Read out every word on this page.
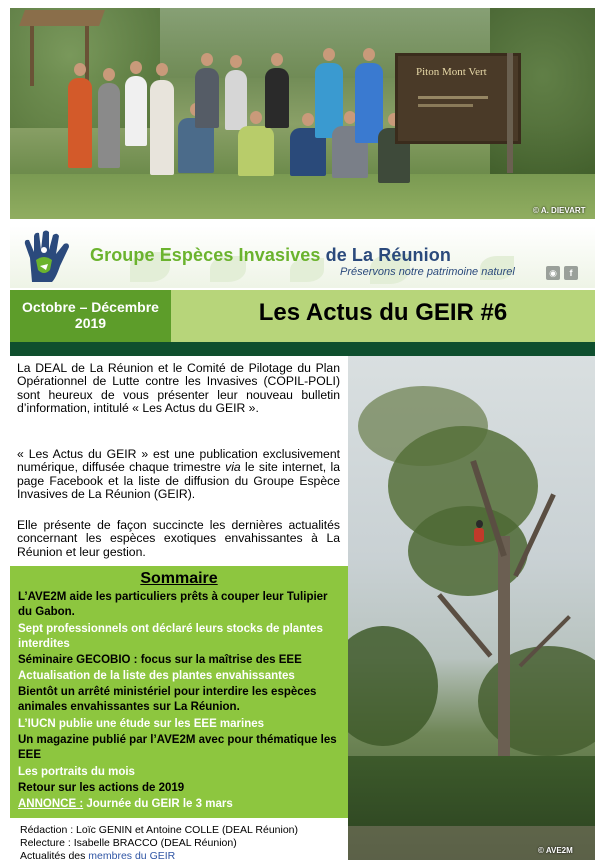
Piton Mont Vert
© A. DIEVART
Groupe Espèces Invasives de La Réunion
Préservons notre patrimoine naturel	◉	f
Octobre – Décembre
2019	Les Actus du GEIR #6
La DEAL de La Réunion et le Comité de Pilotage du Plan Opérationnel de Lutte contre les Invasives (COPIL-POLI) sont heureux de vous présenter leur nouveau bulletin d’information, intitulé « Les Actus du GEIR ».
« Les Actus du GEIR » est une publication exclusivement numérique, diffusée chaque trimestre via le site internet, la page Facebook et la liste de diffusion du Groupe Espèce Invasives de La Réunion (GEIR).
Elle présente de façon succincte les dernières actualités concernant les espèces exotiques envahissantes à La Réunion et leur gestion.
© AVE2M
Sommaire
L’AVE2M aide les particuliers prêts à couper leur Tulipier du Gabon.
Sept professionnels ont déclaré leurs stocks de plantes interdites
Séminaire GECOBIO : focus sur la maîtrise des EEE
Actualisation de la liste des plantes envahissantes
Bientôt un arrêté ministériel pour interdire les espèces animales envahissantes sur La Réunion.
L’IUCN publie une étude sur les EEE marines
Un magazine publié par l’AVE2M avec pour thématique les EEE
Les portraits du mois
Retour sur les actions de 2019
ANNONCE : Journée du GEIR le 3 mars
Rédaction : Loïc GENIN et Antoine COLLE (DEAL Réunion)
Relecture : Isabelle BRACCO (DEAL Réunion)
Actualités des membres du GEIR
